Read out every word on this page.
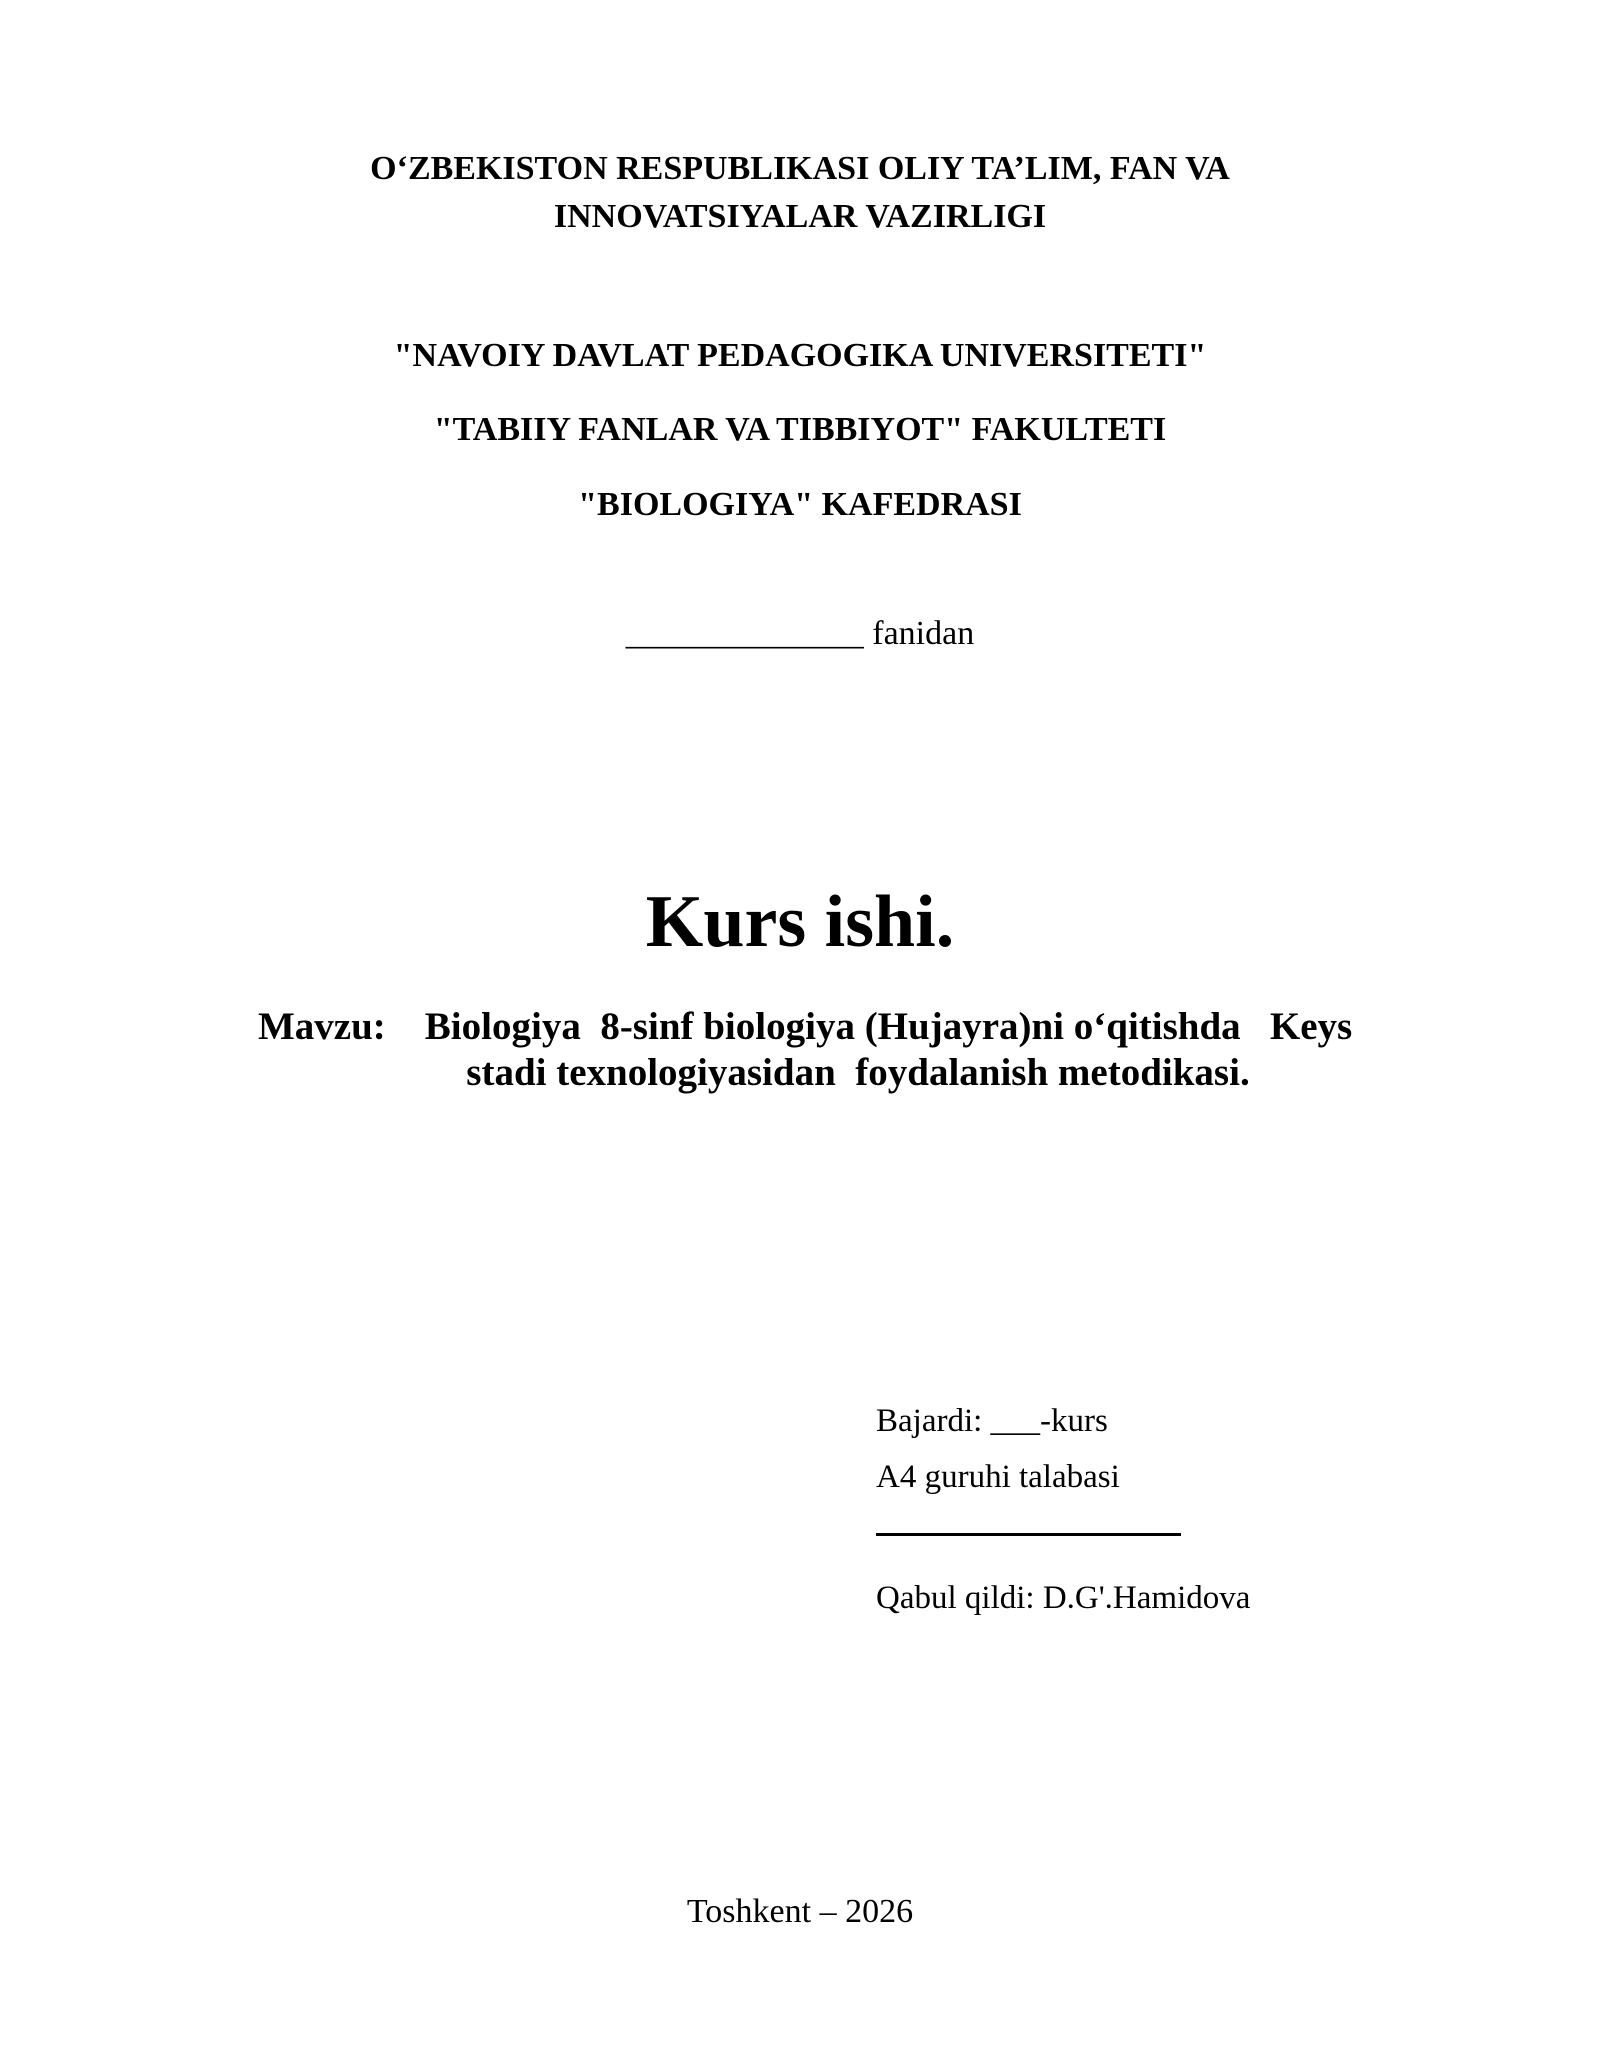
O‘ZBEKISTON RESPUBLIKASI OLIY TA’LIM, FAN VA
INNOVATSIYALAR VAZIRLIGI
"NAVOIY DAVLAT PEDAGOGIKA UNIVERSITETI"
"TABIIY FANLAR VA TIBBIYOT" FAKULTETI
"BIOLOGIYA" KAFEDRASI
______________ fanidan
Kurs ishi.
Mavzu:    Biologiya  8-sinf biologiya (Hujayra)ni o‘qitishda   Keys
stadi texnologiyasidan  foydalanish metodikasi.
Bajardi: ___-kurs
A4 guruhi talabasi
Qabul qildi: D.G'.Hamidova
Toshkent – 2026
